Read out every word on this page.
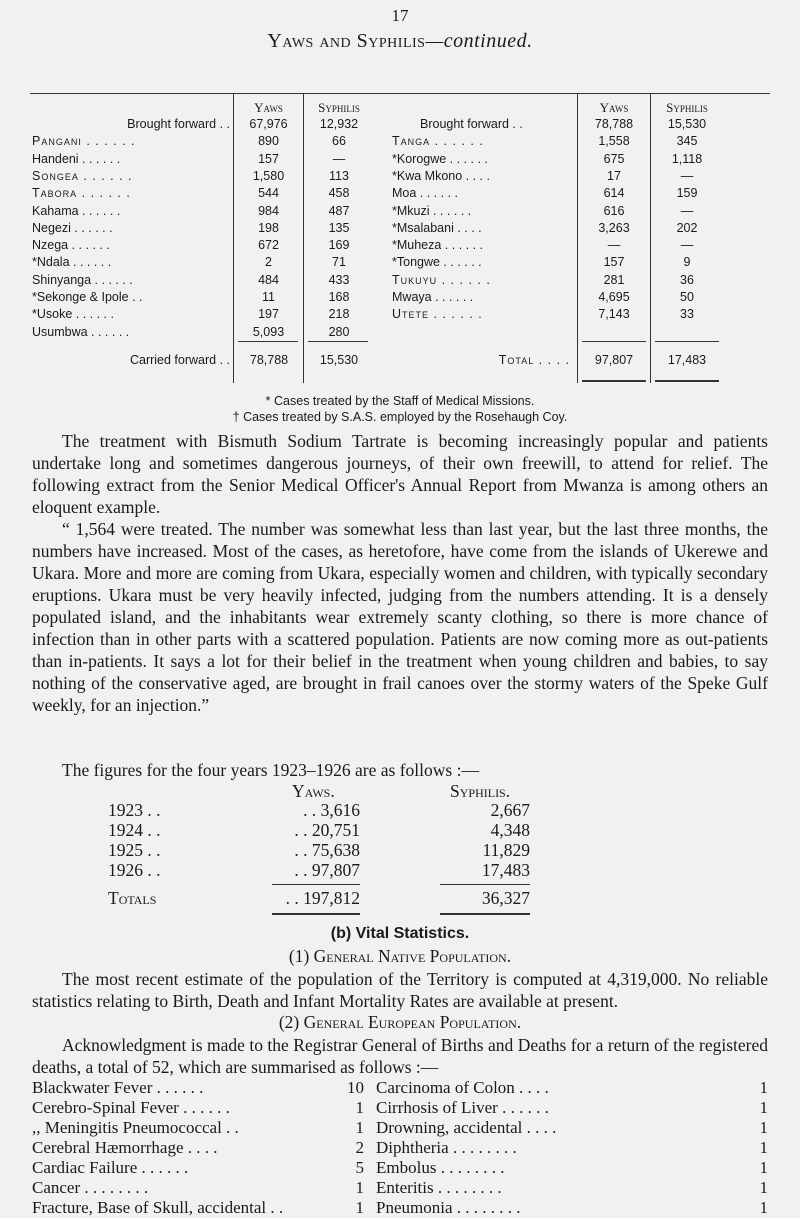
17
Yaws and Syphilis—continued.
Yaws	Syphilis	Yaws	Syphilis
Brought forward . .	67,976	12,932
Pangani . . . . . .	890	66
Handeni . . . . . .	157	—
Songea . . . . . .	1,580	113
Tabora . . . . . .	544	458
Kahama . . . . . .	984	487
Negezi . . . . . .	198	135
Nzega . . . . . .	672	169
*Ndala . . . . . .	2	71
Shinyanga . . . . . .	484	433
*Sekonge & Ipole . .	11	168
*Usoke . . . . . .	197	218
Usumbwa . . . . . .	5,093	280
Brought forward . .	78,788	15,530
Tanga . . . . . .	1,558	345
*Korogwe . . . . . .	675	1,118
*Kwa Mkono . . . .	17	—
Moa . . . . . .	614	159
*Mkuzi . . . . . .	616	—
*Msalabani . . . .	3,263	202
*Muheza . . . . . .	—	—
*Tongwe . . . . . .	157	9
Tukuyu . . . . . .	281	36
Mwaya . . . . . .	4,695	50
Utete . . . . . .	7,143	33
Carried forward . .	78,788	15,530	Total . . . .	97,807	17,483
* Cases treated by the Staff of Medical Missions.
† Cases treated by S.A.S. employed by the Rosehaugh Coy.

The treatment with Bismuth Sodium Tartrate is becoming increasingly popular and patients undertake long and sometimes dangerous journeys, of their own freewill, to attend for relief. The following extract from the Senior Medical Officer's Annual Report from Mwanza is among others an eloquent example.

“ 1,564 were treated. The number was somewhat less than last year, but the last three months, the numbers have increased. Most of the cases, as heretofore, have come from the islands of Ukerewe and Ukara. More and more are coming from Ukara, especially women and children, with typically secondary eruptions. Ukara must be very heavily infected, judging from the numbers attending. It is a densely populated island, and the inhabitants wear extremely scanty clothing, so there is more chance of infection than in other parts with a scattered population. Patients are now coming more as out-patients than in-patients. It says a lot for their belief in the treatment when young children and babies, to say nothing of the conservative aged, are brought in frail canoes over the stormy waters of the Speke Gulf weekly, for an injection.”

The figures for the four years 1923–1926 are as follows :—
Yaws.	Syphilis.
1923 . .	. . 3,616	2,667
1924 . .	. . 20,751	4,348
1925 . .	. . 75,638	11,829
1926 . .	. . 97,807	17,483
Totals	. . 197,812	36,327
(b) Vital Statistics.
(1) General Native Population.

The most recent estimate of the population of the Territory is computed at 4,319,000. No reliable statistics relating to Birth, Death and Infant Mortality Rates are available at present.

(2) General European Population.

Acknowledgment is made to the Registrar General of Births and Deaths for a return of the registered deaths, a total of 52, which are summarised as follows :—

Blackwater Fever . . . . . .	10
Cerebro-Spinal Fever . . . . . .	1
,, Meningitis Pneumococcal . .	1
Cerebral Hæmorrhage . . . .	2
Cardiac Failure . . . . . .	5
Cancer . . . . . . . .	1
Fracture, Base of Skull, accidental . .	1
Carcinoma of Colon . . . .	1
Cirrhosis of Liver . . . . . .	1
Drowning, accidental . . . .	1
Diphtheria . . . . . . . .	1
Embolus . . . . . . . .	1
Enteritis . . . . . . . .	1
Pneumonia . . . . . . . .	1
